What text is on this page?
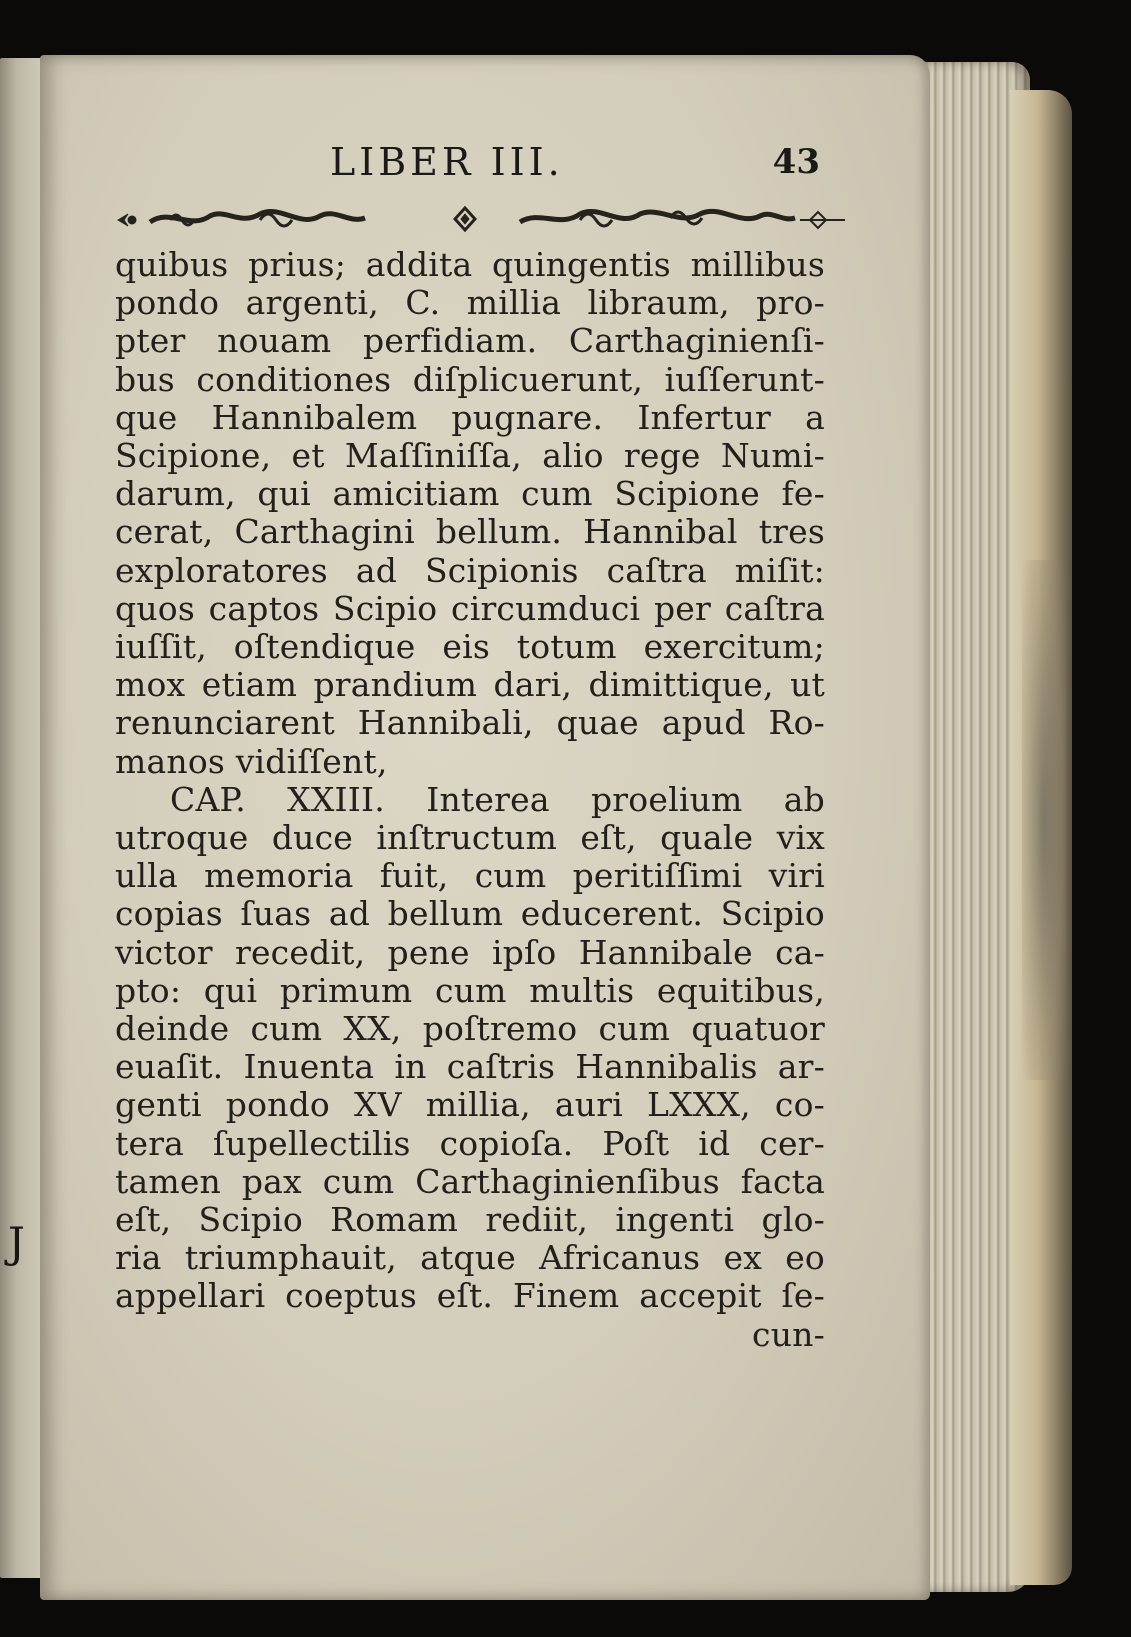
J
LIBER III.	43
quibus prius; addita quingentis millibus
pondo argenti, C. millia libraum, pro-
pter nouam perfidiam. Carthaginienſi-
bus conditiones diſplicuerunt, iuſſerunt-
que Hannibalem pugnare. Infertur a
Scipione, et Maſſiniſſa, alio rege Numi-
darum, qui amicitiam cum Scipione fe-
cerat, Carthagini bellum. Hannibal tres
exploratores ad Scipionis caſtra miſit:
quos captos Scipio circumduci per caſtra
iuſſit, oſtendique eis totum exercitum;
mox etiam prandium dari, dimittique, ut
renunciarent Hannibali, quae apud Ro-
manos vidiſſent,
CAP. XXIII. Interea proelium ab
utroque duce inſtructum eſt, quale vix
ulla memoria fuit, cum peritiſſimi viri
copias ſuas ad bellum educerent. Scipio
victor recedit, pene ipſo Hannibale ca-
pto: qui primum cum multis equitibus,
deinde cum XX, poſtremo cum quatuor
euaſit. Inuenta in caſtris Hannibalis ar-
genti pondo XV millia, auri LXXX, co-
tera ſupellectilis copioſa. Poſt id cer-
tamen pax cum Carthaginienſibus facta
eſt, Scipio Romam rediit, ingenti glo-
ria triumphauit, atque Africanus ex eo
appellari coeptus eſt. Finem accepit ſe-
cun-
